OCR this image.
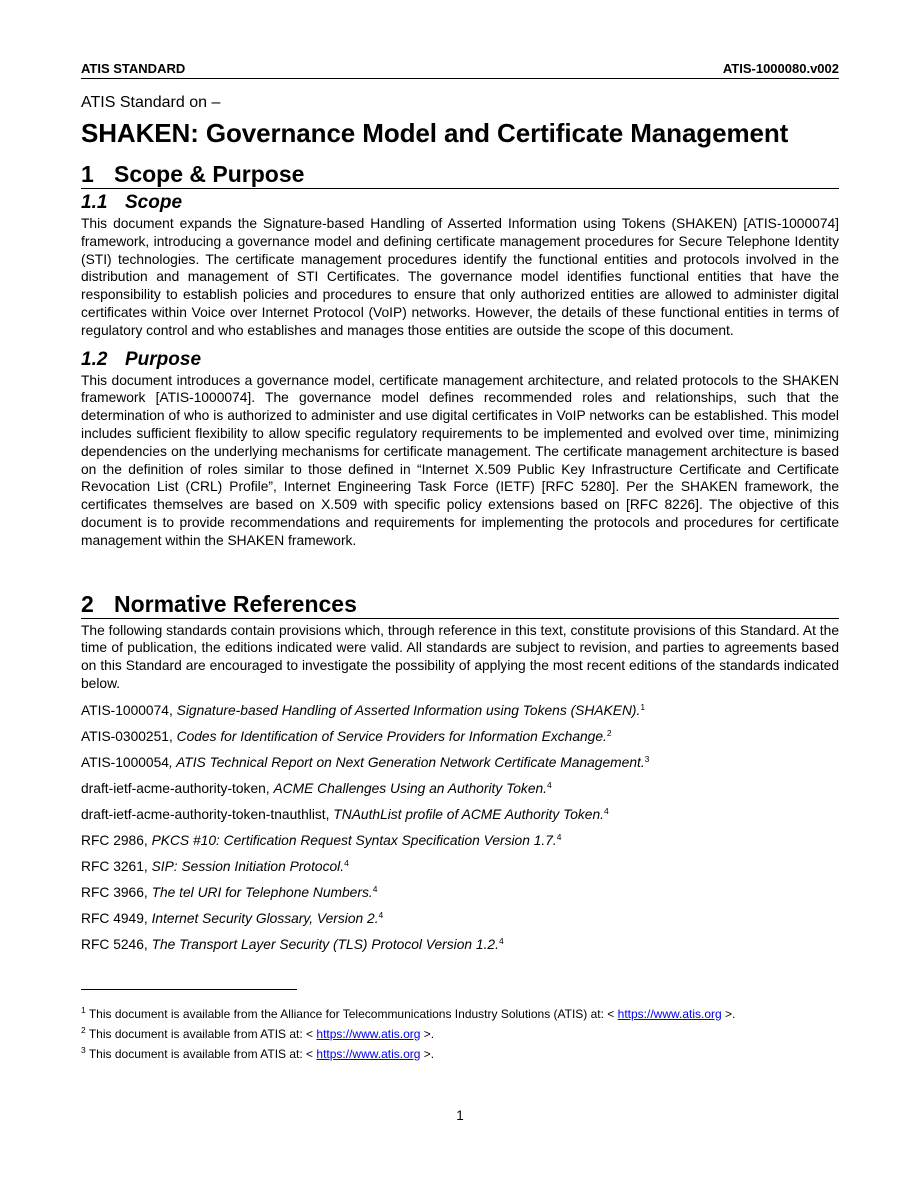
ATIS STANDARD	ATIS-1000080.v002
ATIS Standard on –
SHAKEN: Governance Model and Certificate Management
1 Scope & Purpose
1.1 Scope

This document expands the Signature-based Handling of Asserted Information using Tokens (SHAKEN) [ATIS-1000074] framework, introducing a governance model and defining certificate management procedures for Secure Telephone Identity (STI) technologies. The certificate management procedures identify the functional entities and protocols involved in the distribution and management of STI Certificates. The governance model identifies functional entities that have the responsibility to establish policies and procedures to ensure that only authorized entities are allowed to administer digital certificates within Voice over Internet Protocol (VoIP) networks. However, the details of these functional entities in terms of regulatory control and who establishes and manages those entities are outside the scope of this document.

1.2 Purpose

This document introduces a governance model, certificate management architecture, and related protocols to the SHAKEN framework [ATIS-1000074]. The governance model defines recommended roles and relationships, such that the determination of who is authorized to administer and use digital certificates in VoIP networks can be established. This model includes sufficient flexibility to allow specific regulatory requirements to be implemented and evolved over time, minimizing dependencies on the underlying mechanisms for certificate management. The certificate management architecture is based on the definition of roles similar to those defined in “Internet X.509 Public Key Infrastructure Certificate and Certificate Revocation List (CRL) Profile”, Internet Engineering Task Force (IETF) [RFC 5280]. Per the SHAKEN framework, the certificates themselves are based on X.509 with specific policy extensions based on [RFC 8226]. The objective of this document is to provide recommendations and requirements for implementing the protocols and procedures for certificate management within the SHAKEN framework.

2 Normative References

The following standards contain provisions which, through reference in this text, constitute provisions of this Standard. At the time of publication, the editions indicated were valid. All standards are subject to revision, and parties to agreements based on this Standard are encouraged to investigate the possibility of applying the most recent editions of the standards indicated below.

ATIS-1000074, Signature-based Handling of Asserted Information using Tokens (SHAKEN).$^1$

ATIS-0300251, Codes for Identification of Service Providers for Information Exchange.$^2$

ATIS-1000054, ATIS Technical Report on Next Generation Network Certificate Management.$^3$

draft-ietf-acme-authority-token, ACME Challenges Using an Authority Token.$^4$

draft-ietf-acme-authority-token-tnauthlist, TNAuthList profile of ACME Authority Token.$^4$

RFC 2986, PKCS #10: Certification Request Syntax Specification Version 1.7.$^4$

RFC 3261, SIP: Session Initiation Protocol.$^4$

RFC 3966, The tel URI for Telephone Numbers.$^4$

RFC 4949, Internet Security Glossary, Version 2.$^4$

RFC 5246, The Transport Layer Security (TLS) Protocol Version 1.2.$^4$

$^1$ This document is available from the Alliance for Telecommunications Industry Solutions (ATIS) at: < https://www.atis.org >.

$^2$ This document is available from ATIS at: < https://www.atis.org >.

$^3$ This document is available from ATIS at: < https://www.atis.org >.

1
